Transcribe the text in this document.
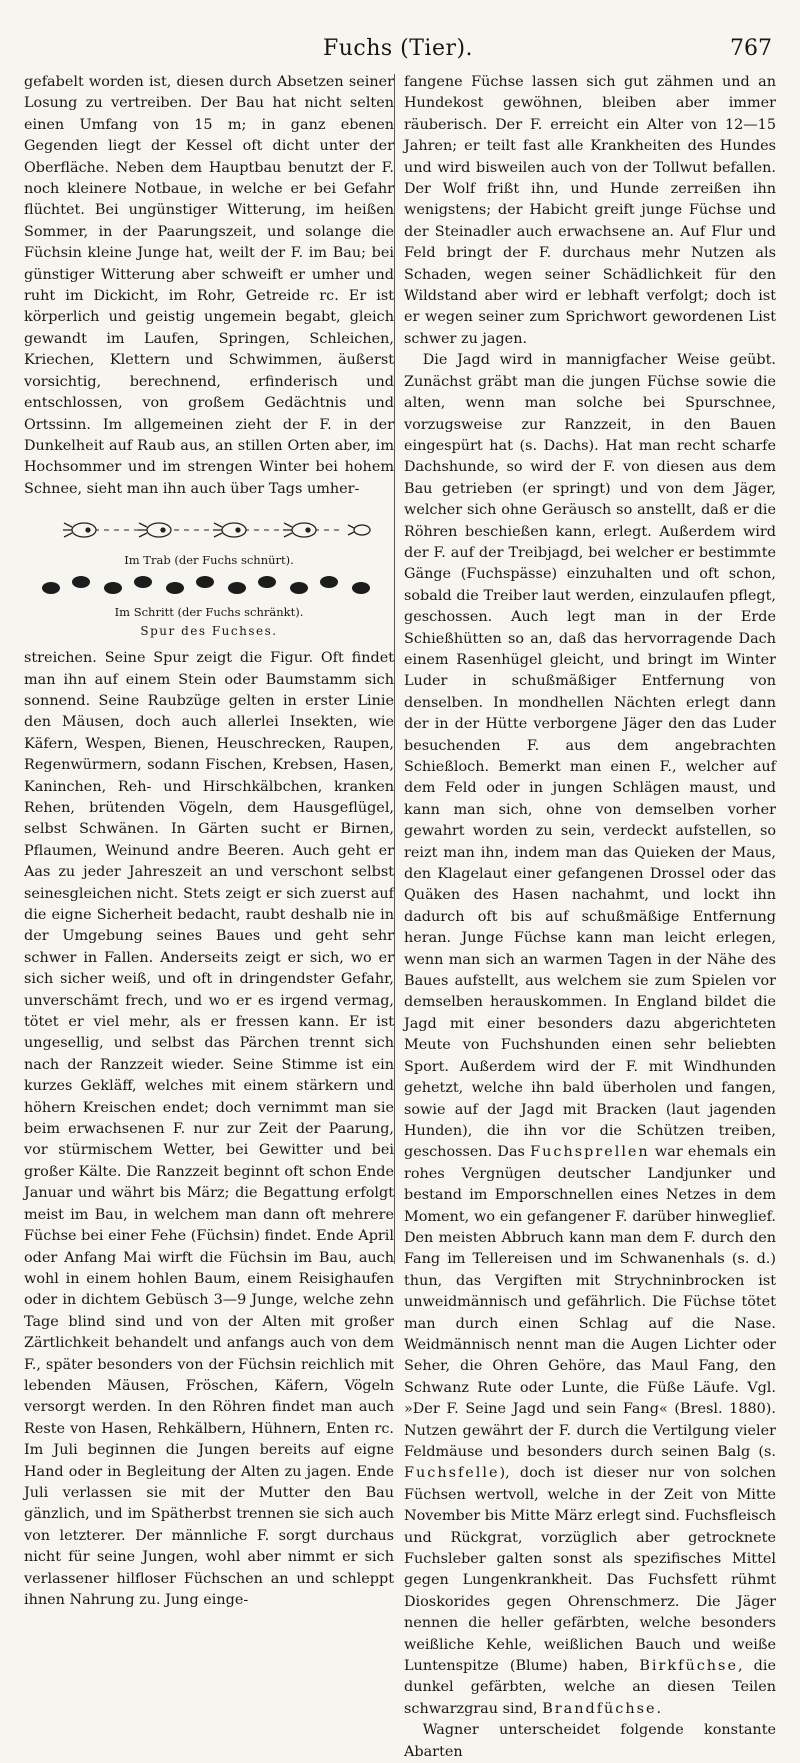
Fuchs (Tier).	767

gefabelt worden ist, diesen durch Absetzen seiner Losung zu vertreiben. Der Bau hat nicht selten einen Umfang von 15 m; in ganz ebenen Gegenden liegt der Kessel oft dicht unter der Oberfläche. Neben dem Hauptbau benutzt der F. noch kleinere Notbaue, in welche er bei Gefahr flüchtet. Bei ungünstiger Witterung, im heißen Sommer, in der Paarungszeit, und solange die Füchsin kleine Junge hat, weilt der F. im Bau; bei günstiger Witterung aber schweift er umher und ruht im Dickicht, im Rohr, Getreide rc. Er ist körperlich und geistig ungemein begabt, gleich gewandt im Laufen, Springen, Schleichen, Kriechen, Klettern und Schwimmen, äußerst vorsichtig, berechnend, erfinderisch und entschlossen, von großem Gedächtnis und Ortssinn. Im allgemeinen zieht der F. in der Dunkelheit auf Raub aus, an stillen Orten aber, im Hochsommer und im strengen Winter bei hohem Schnee, sieht man ihn auch über Tags umher-

Im Trab (der Fuchs schnürt).
Im Schritt (der Fuchs schränkt).
Spur des Fuchses.

streichen. Seine Spur zeigt die Figur. Oft findet man ihn auf einem Stein oder Baumstamm sich sonnend. Seine Raubzüge gelten in erster Linie den Mäusen, doch auch allerlei Insekten, wie Käfern, Wespen, Bienen, Heuschrecken, Raupen, Regenwürmern, sodann Fischen, Krebsen, Hasen, Kaninchen, Reh- und Hirschkälbchen, kranken Rehen, brütenden Vögeln, dem Hausgeflügel, selbst Schwänen. In Gärten sucht er Birnen, Pflaumen, Weinund andre Beeren. Auch geht er Aas zu jeder Jahreszeit an und verschont selbst seinesgleichen nicht. Stets zeigt er sich zuerst auf die eigne Sicherheit bedacht, raubt deshalb nie in der Umgebung seines Baues und geht sehr schwer in Fallen. Anderseits zeigt er sich, wo er sich sicher weiß, und oft in dringendster Gefahr, unverschämt frech, und wo er es irgend vermag, tötet er viel mehr, als er fressen kann. Er ist ungesellig, und selbst das Pärchen trennt sich nach der Ranzzeit wieder. Seine Stimme ist ein kurzes Gekläff, welches mit einem stärkern und höhern Kreischen endet; doch vernimmt man sie beim erwachsenen F. nur zur Zeit der Paarung, vor stürmischem Wetter, bei Gewitter und bei großer Kälte. Die Ranzzeit beginnt oft schon Ende Januar und währt bis März; die Begattung erfolgt meist im Bau, in welchem man dann oft mehrere Füchse bei einer Fehe (Füchsin) findet. Ende April oder Anfang Mai wirft die Füchsin im Bau, auch wohl in einem hohlen Baum, einem Reisighaufen oder in dichtem Gebüsch 3—9 Junge, welche zehn Tage blind sind und von der Alten mit großer Zärtlichkeit behandelt und anfangs auch von dem F., später besonders von der Füchsin reichlich mit lebenden Mäusen, Fröschen, Käfern, Vögeln versorgt werden. In den Röhren findet man auch Reste von Hasen, Rehkälbern, Hühnern, Enten rc. Im Juli beginnen die Jungen bereits auf eigne Hand oder in Begleitung der Alten zu jagen. Ende Juli verlassen sie mit der Mutter den Bau gänzlich, und im Spätherbst trennen sie sich auch von letzterer. Der männliche F. sorgt durchaus nicht für seine Jungen, wohl aber nimmt er sich verlassener hilfloser Füchschen an und schleppt ihnen Nahrung zu. Jung einge-

fangene Füchse lassen sich gut zähmen und an Hundekost gewöhnen, bleiben aber immer räuberisch. Der F. erreicht ein Alter von 12—15 Jahren; er teilt fast alle Krankheiten des Hundes und wird bisweilen auch von der Tollwut befallen. Der Wolf frißt ihn, und Hunde zerreißen ihn wenigstens; der Habicht greift junge Füchse und der Steinadler auch erwachsene an. Auf Flur und Feld bringt der F. durchaus mehr Nutzen als Schaden, wegen seiner Schädlichkeit für den Wildstand aber wird er lebhaft verfolgt; doch ist er wegen seiner zum Sprichwort gewordenen List schwer zu jagen.

Die Jagd wird in mannigfacher Weise geübt. Zunächst gräbt man die jungen Füchse sowie die alten, wenn man solche bei Spurschnee, vorzugsweise zur Ranzzeit, in den Bauen eingespürt hat (s. Dachs). Hat man recht scharfe Dachshunde, so wird der F. von diesen aus dem Bau getrieben (er springt) und von dem Jäger, welcher sich ohne Geräusch so anstellt, daß er die Röhren beschießen kann, erlegt. Außerdem wird der F. auf der Treibjagd, bei welcher er bestimmte Gänge (Fuchspässe) einzuhalten und oft schon, sobald die Treiber laut werden, einzulaufen pflegt, geschossen. Auch legt man in der Erde Schießhütten so an, daß das hervorragende Dach einem Rasenhügel gleicht, und bringt im Winter Luder in schußmäßiger Entfernung von denselben. In mondhellen Nächten erlegt dann der in der Hütte verborgene Jäger den das Luder besuchenden F. aus dem angebrachten Schießloch. Bemerkt man einen F., welcher auf dem Feld oder in jungen Schlägen maust, und kann man sich, ohne von demselben vorher gewahrt worden zu sein, verdeckt aufstellen, so reizt man ihn, indem man das Quieken der Maus, den Klagelaut einer gefangenen Drossel oder das Quäken des Hasen nachahmt, und lockt ihn dadurch oft bis auf schußmäßige Entfernung heran. Junge Füchse kann man leicht erlegen, wenn man sich an warmen Tagen in der Nähe des Baues aufstellt, aus welchem sie zum Spielen vor demselben herauskommen. In England bildet die Jagd mit einer besonders dazu abgerichteten Meute von Fuchshunden einen sehr beliebten Sport. Außerdem wird der F. mit Windhunden gehetzt, welche ihn bald überholen und fangen, sowie auf der Jagd mit Bracken (laut jagenden Hunden), die ihn vor die Schützen treiben, geschossen. Das Fuchsprellen war ehemals ein rohes Vergnügen deutscher Landjunker und bestand im Emporschnellen eines Netzes in dem Moment, wo ein gefangener F. darüber hinweglief. Den meisten Abbruch kann man dem F. durch den Fang im Tellereisen und im Schwanenhals (s. d.) thun, das Vergiften mit Strychninbrocken ist unweidmännisch und gefährlich. Die Füchse tötet man durch einen Schlag auf die Nase. Weidmännisch nennt man die Augen Lichter oder Seher, die Ohren Gehöre, das Maul Fang, den Schwanz Rute oder Lunte, die Füße Läufe. Vgl. »Der F. Seine Jagd und sein Fang« (Bresl. 1880). Nutzen gewährt der F. durch die Vertilgung vieler Feldmäuse und besonders durch seinen Balg (s. Fuchsfelle), doch ist dieser nur von solchen Füchsen wertvoll, welche in der Zeit von Mitte November bis Mitte März erlegt sind. Fuchsfleisch und Rückgrat, vorzüglich aber getrocknete Fuchsleber galten sonst als spezifisches Mittel gegen Lungenkrankheit. Das Fuchsfett rühmt Dioskorides gegen Ohrenschmerz. Die Jäger nennen die heller gefärbten, welche besonders weißliche Kehle, weißlichen Bauch und weiße Luntenspitze (Blume) haben, Birkfüchse, die dunkel gefärbten, welche an diesen Teilen schwarzgrau sind, Brandfüchse.

Wagner unterscheidet folgende konstante Abarten
